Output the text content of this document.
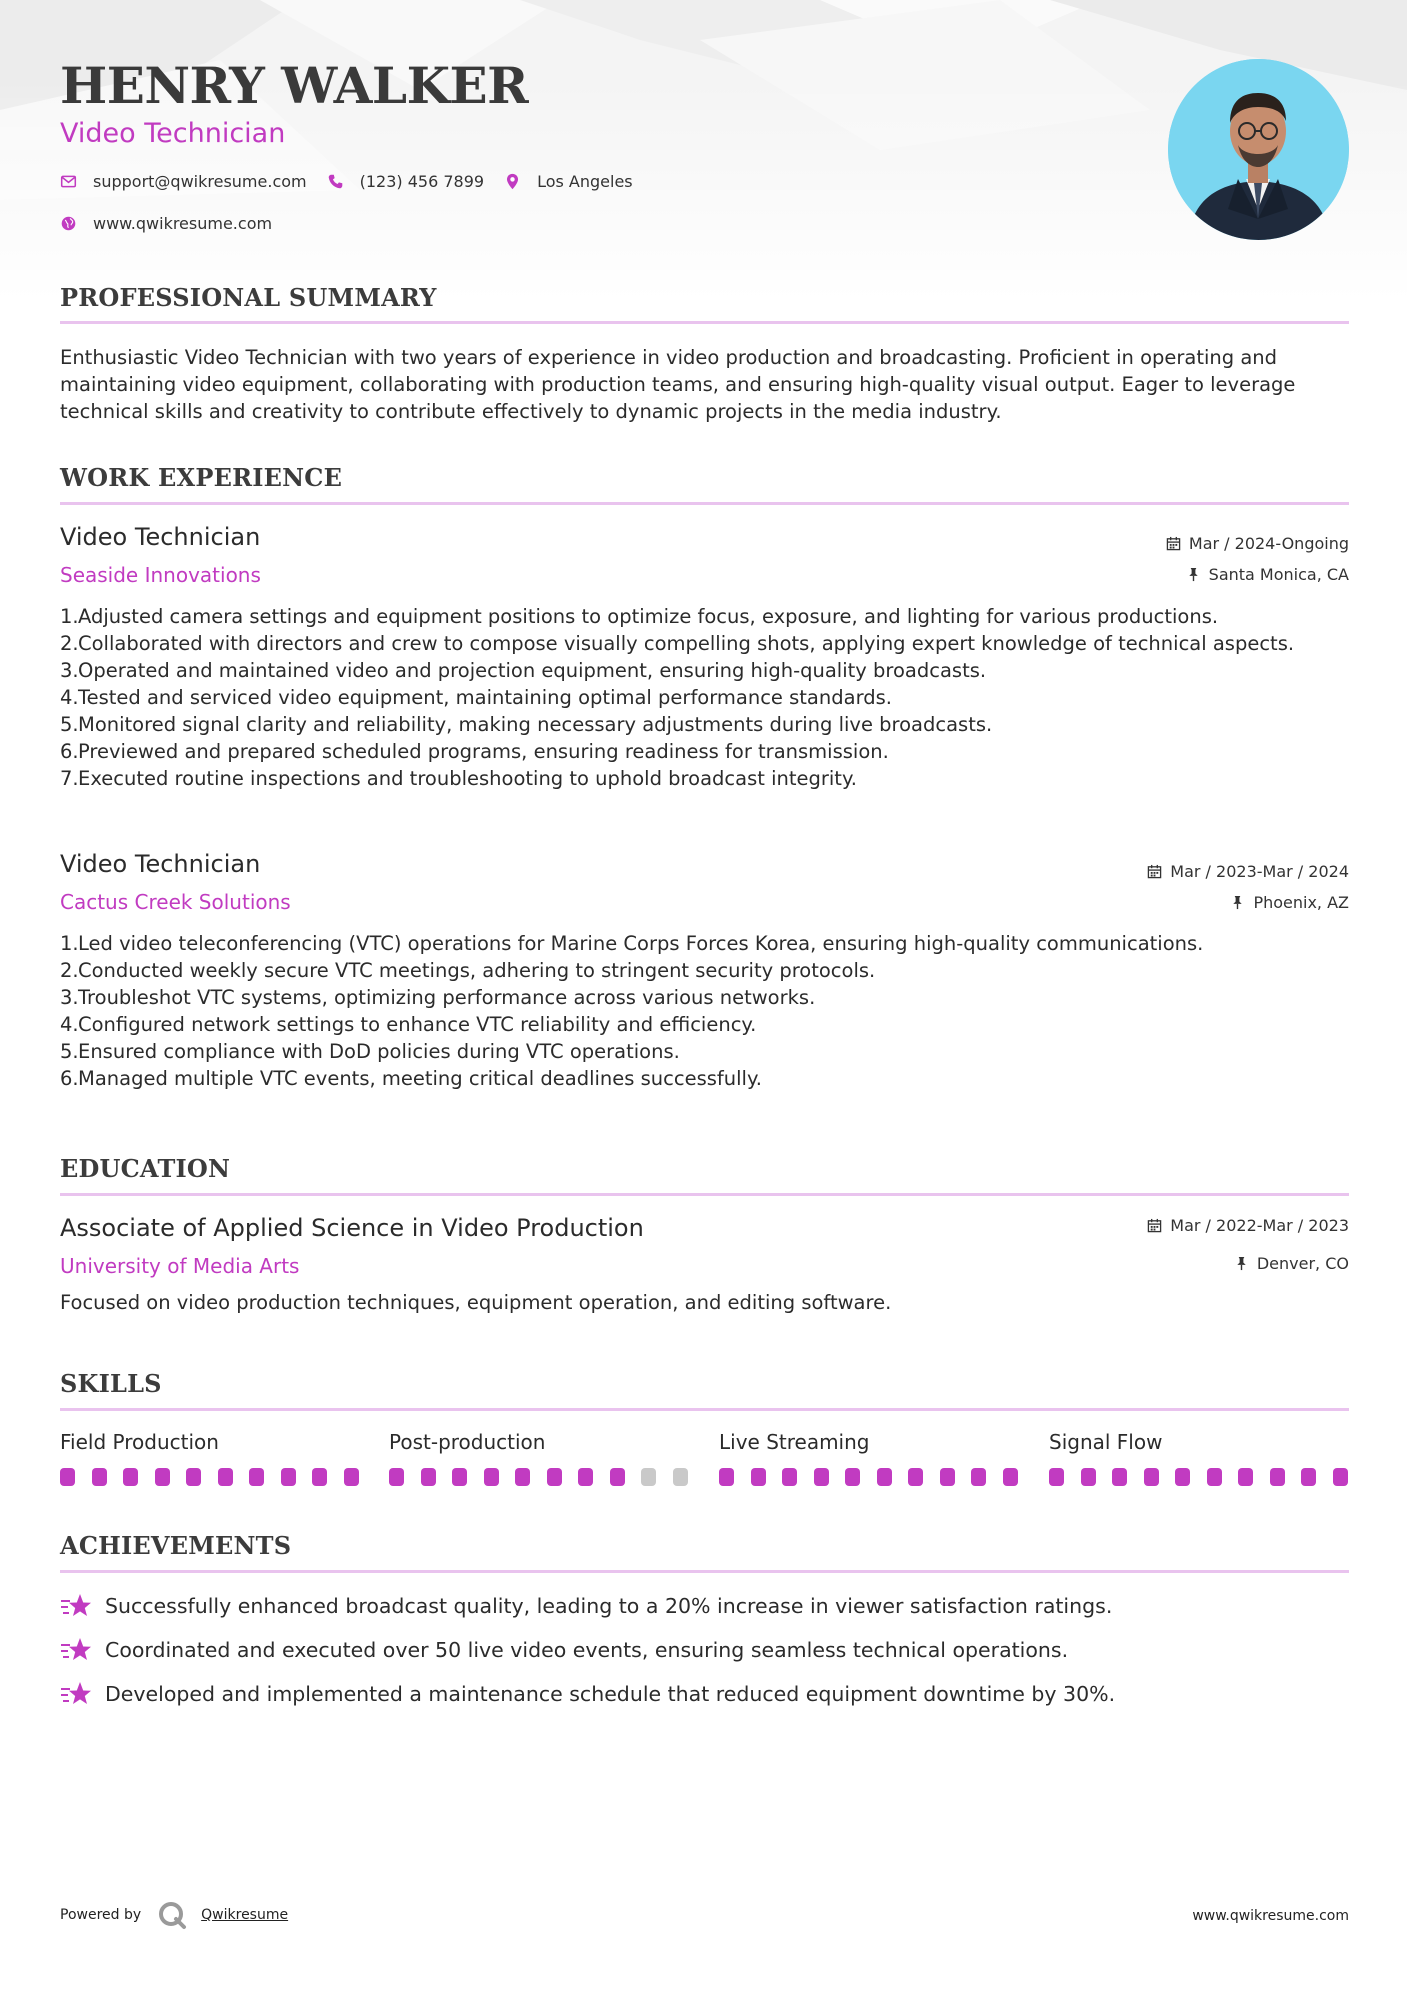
HENRY WALKER
Video Technician
support@qwikresume.com	(123) 456 7899	Los Angeles
www.qwikresume.com
PROFESSIONAL SUMMARY
Enthusiastic Video Technician with two years of experience in video production and broadcasting. Proficient in operating and maintaining video equipment, collaborating with production teams, and ensuring high-quality visual output. Eager to leverage technical skills and creativity to contribute effectively to dynamic projects in the media industry.
WORK EXPERIENCE
Video Technician
Seaside Innovations
Mar / 2024-Ongoing
Santa Monica, CA
1. Adjusted camera settings and equipment positions to optimize focus, exposure, and lighting for various productions.
2. Collaborated with directors and crew to compose visually compelling shots, applying expert knowledge of technical aspects.
3. Operated and maintained video and projection equipment, ensuring high-quality broadcasts.
4. Tested and serviced video equipment, maintaining optimal performance standards.
5. Monitored signal clarity and reliability, making necessary adjustments during live broadcasts.
6. Previewed and prepared scheduled programs, ensuring readiness for transmission.
7. Executed routine inspections and troubleshooting to uphold broadcast integrity.
Video Technician
Cactus Creek Solutions
Mar / 2023-Mar / 2024
Phoenix, AZ
1. Led video teleconferencing (VTC) operations for Marine Corps Forces Korea, ensuring high-quality communications.
2. Conducted weekly secure VTC meetings, adhering to stringent security protocols.
3. Troubleshot VTC systems, optimizing performance across various networks.
4. Configured network settings to enhance VTC reliability and efficiency.
5. Ensured compliance with DoD policies during VTC operations.
6. Managed multiple VTC events, meeting critical deadlines successfully.
EDUCATION
Associate of Applied Science in Video Production
University of Media Arts
Mar / 2022-Mar / 2023
Denver, CO
Focused on video production techniques, equipment operation, and editing software.
SKILLS
Field Production	Post-production	Live Streaming	Signal Flow
ACHIEVEMENTS
Successfully enhanced broadcast quality, leading to a 20% increase in viewer satisfaction ratings.
Coordinated and executed over 50 live video events, ensuring seamless technical operations.
Developed and implemented a maintenance schedule that reduced equipment downtime by 30%.
Powered by	Qwikresume	www.qwikresume.com
